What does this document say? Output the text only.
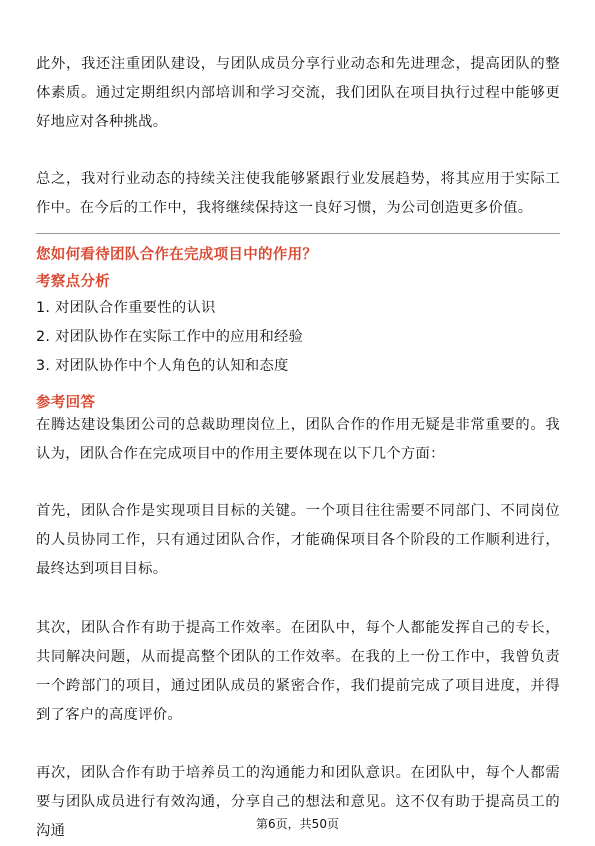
此外，我还注重团队建设，与团队成员分享行业动态和先进理念，提高团队的整体素质。通过定期组织内部培训和学习交流，我们团队在项目执行过程中能够更好地应对各种挑战。

总之，我对行业动态的持续关注使我能够紧跟行业发展趋势，将其应用于实际工作中。在今后的工作中，我将继续保持这一良好习惯，为公司创造更多价值。

您如何看待团队合作在完成项目中的作用？

考察点分析

1. 对团队合作重要性的认识

2. 对团队协作在实际工作中的应用和经验

3. 对团队协作中个人角色的认知和态度

参考回答

在腾达建设集团公司的总裁助理岗位上，团队合作的作用无疑是非常重要的。我认为，团队合作在完成项目中的作用主要体现在以下几个方面：

首先，团队合作是实现项目目标的关键。一个项目往往需要不同部门、不同岗位的人员协同工作，只有通过团队合作，才能确保项目各个阶段的工作顺利进行，最终达到项目目标。

其次，团队合作有助于提高工作效率。在团队中，每个人都能发挥自己的专长，共同解决问题，从而提高整个团队的工作效率。在我的上一份工作中，我曾负责一个跨部门的项目，通过团队成员的紧密合作，我们提前完成了项目进度，并得到了客户的高度评价。

再次，团队合作有助于培养员工的沟通能力和团队意识。在团队中，每个人都需要与团队成员进行有效沟通，分享自己的想法和意见。这不仅有助于提高员工的沟通	第6页，共50页
